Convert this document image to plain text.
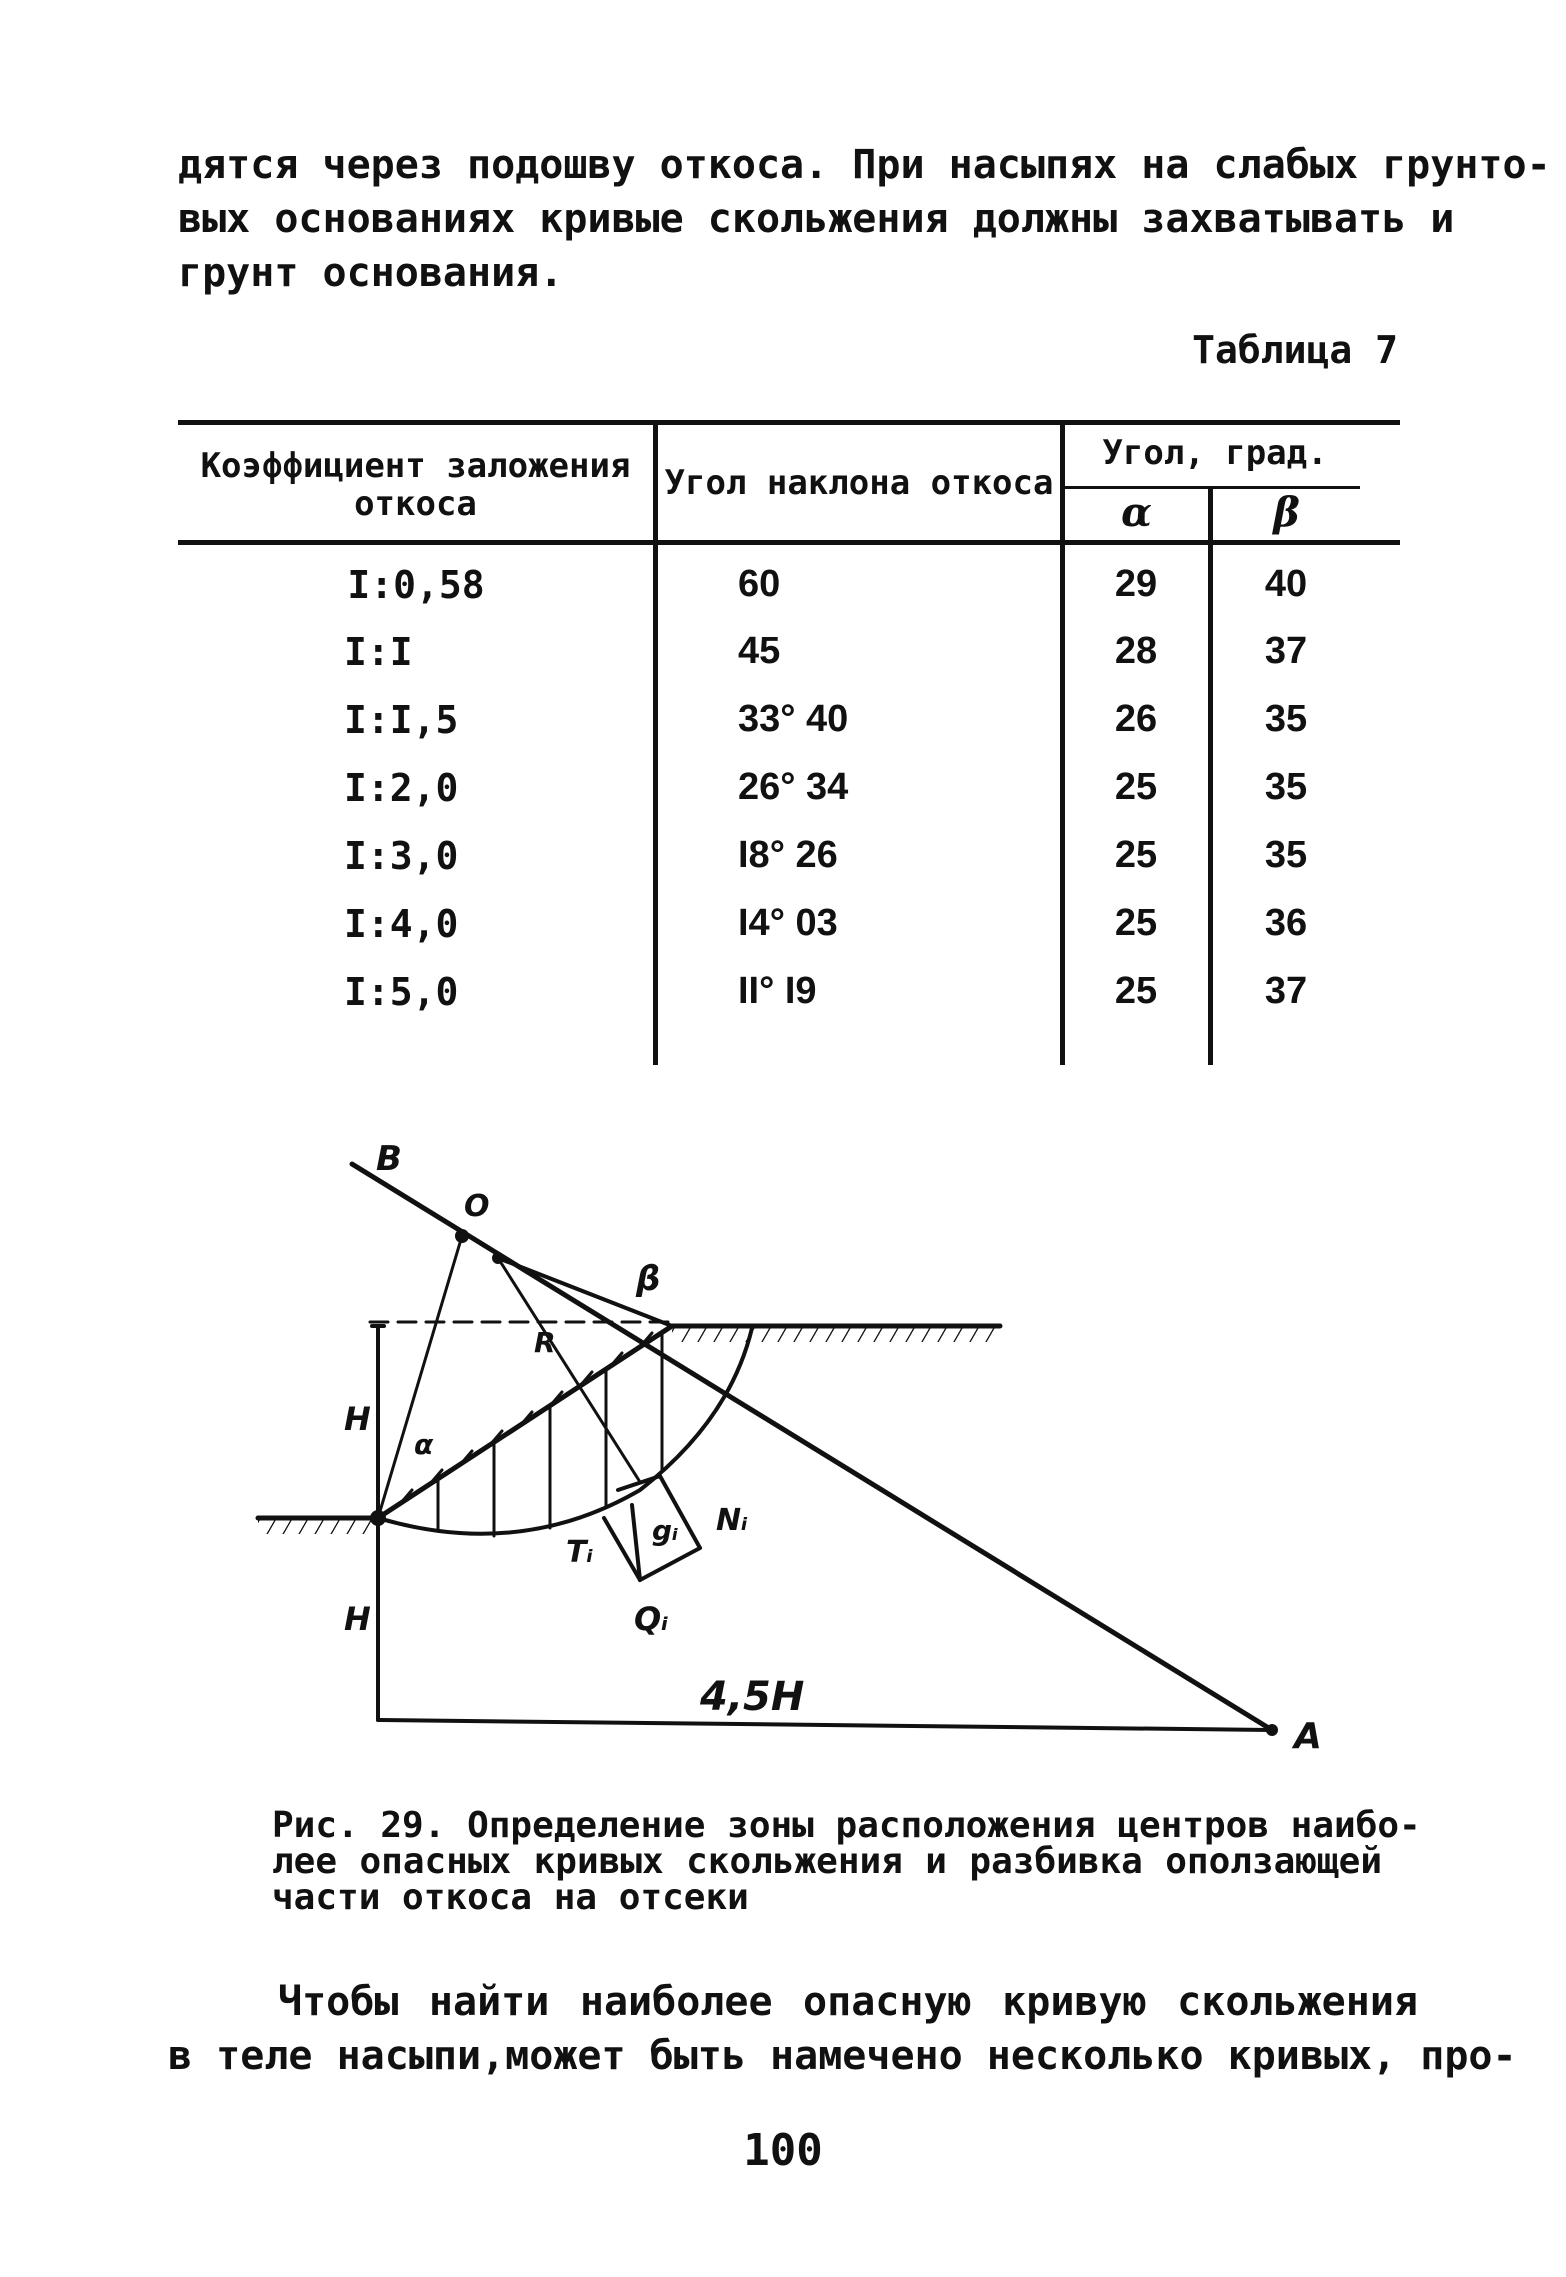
дятся через подошву откоса. При насыпях на слабых грунто-
вых основаниях кривые скольжения должны захватывать и
грунт основания.

Таблица 7
Коэффициент заложения
откоса
Угол наклона откоса
Угол, град.
α	β
I:0,58	60	29	40
I:I	45	28	37
I:I,5	33° 40	26	35
I:2,0	26° 34	25	35
I:3,0	I8° 26	25	35
I:4,0	I4° 03	25	36
I:5,0	II° I9	25	37
B
O
β
R
H
H
α
Tᵢ
gᵢ Nᵢ
Qᵢ
4,5H
A

Рис. 29. Определение зоны расположения центров наибо-
лее опасных кривых скольжения и разбивка оползающей
части откоса на отсеки

Чтобы найти наиболее опасную кривую скольжения
в теле насыпи,может быть намечено несколько кривых, про-

100
